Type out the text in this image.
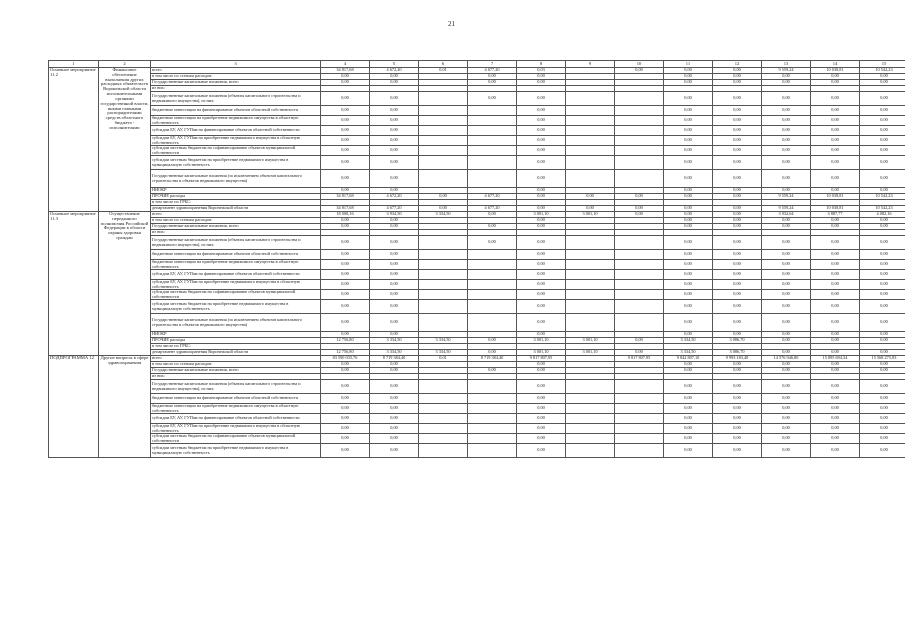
21
1	2	3	4	5	6	7	8	9	10	11	12	13	14	15
Основное мероприятие 11.2	Финансовое обеспечение выполнения других расходных обязательств Воронежской области исполнительными органами государственной власти, иными главными распорядителями средств областного бюджета - исполнителями	всего	34 817,68	4 672,20	0,01	4 677,20	0,03		0,00	0,00	0,00	9 559,24	10 038,81	10 542,23
		в том числе по статьям расходов:	0,00	0,00		0,00	0,00			0,00	0,00	0,00	0,00	0,00
		Государственные капитальные вложения, всего	0,00	0,00		0,00	0,00			0,00	0,00	0,00	0,00	0,00
		из них:												
		Государственные капитальные вложения (объекты капитального строительства и недвижимого имущества), из них:	0,00	0,00		0,00	0,00			0,00	0,00	0,00	0,00	0,00
		бюджетные инвестиции на финансирование объектов областной собственности	0,00	0,00			0,00			0,00	0,00	0,00	0,00	0,00
		бюджетные инвестиции на приобретение недвижимого имущества в областную собственность	0,00	0,00			0,00			0,00	0,00	0,00	0,00	0,00
		субсидии БУ, АУ, ГУПам на финансирование объектов областной собственности	0,00	0,00			0,00			0,00	0,00	0,00	0,00	0,00
		субсидии БУ, АУ, ГУПам на приобретение недвижимого имущества в областную собственность	0,00	0,00			0,00			0,00	0,00	0,00	0,00	0,00
		субсидии местным бюджетам на софинансирование объектов муниципальной собственности	0,00	0,00			0,00			0,00	0,00	0,00	0,00	0,00
		субсидии местным бюджетам на приобретение недвижимого имущества в муниципальную собственность	0,00	0,00			0,00			0,00	0,00	0,00	0,00	0,00
		Государственные капитальные вложения (за исключением объектов капитального строительства и объектов недвижимого имущества)	0,00	0,00			0,00			0,00	0,00	0,00	0,00	0,00
		НИОКР	0,00	0,00			0,00			0,00	0,00	0,00	0,00	0,00
		ПРОЧИЕ расходы	34 817,68	4 672,20	0,00	4 677,20	0,00	0,00	0,00	0,00	0,00	9 559,24	10 038,81	10 542,23
		в том числе по ГРБС:												
		департамент здравоохранения Воронежской области	34 817,68	4 677,20	0,00	4 677,20	0,00	0,00	0,00	0,00	0,00	9 559,24	10 038,81	10 542,23
Основное мероприятие 11.3	Осуществление переданного полномочия Российской Федерации в области охраны здоровья граждан	всего	18 008,16	3 934,50	3 334,50	0,00	3 001,10	3 001,10	0,00	0,00	0,00	3 932,64	3 887,77	4 082,16
		в том числе по статьям расходов:	0,00	0,00			0,00			0,00	0,00	0,00	0,00	0,00
		Государственные капитальные вложения, всего	0,00	0,00		0,00	0,00			0,00	0,00	0,00	0,00	0,00
		из них:												
		Государственные капитальные вложения (объекты капитального строительства и недвижимого имущества), из них:	0,00	0,00		0,00	0,00			0,00	0,00	0,00	0,00	0,00
		бюджетные инвестиции на финансирование объектов областной собственности	0,00	0,00			0,00			0,00	0,00	0,00	0,00	0,00
		бюджетные инвестиции на приобретение недвижимого имущества в областную собственность	0,00	0,00			0,00			0,00	0,00	0,00	0,00	0,00
		субсидии БУ, АУ, ГУПам на финансирование объектов областной собственности	0,00	0,00			0,00			0,00	0,00	0,00	0,00	0,00
		субсидии БУ, АУ, ГУПам на приобретение недвижимого имущества в областную собственность	0,00	0,00			0,00			0,00	0,00	0,00	0,00	0,00
		субсидии местным бюджетам на софинансирование объектов муниципальной собственности	0,00	0,00			0,00			0,00	0,00	0,00	0,00	0,00
		субсидии местным бюджетам на приобретение недвижимого имущества в муниципальную собственность	0,00	0,00			0,00			0,00	0,00	0,00	0,00	0,00
		Государственные капитальные вложения (за исключением объектов капитального строительства и объектов недвижимого имущества)	0,00	0,00			0,00			0,00	0,00	0,00	0,00	0,00
		НИОКР	0,00	0,00			0,00			0,00	0,00	0,00	0,00	0,00
		ПРОЧИЕ расходы	12 756,80	3 334,50	3 334,50	0,00	3 001,10	3 001,10	0,00	3 334,50	3 086,70	0,00	0,00	0,00
		в том числе по ГРБС:												
		департамент здравоохранения Воронежской области	12 756,80	3 334,50	3 334,50	0,00	3 001,10	3 001,10	0,00	3 334,50	3 086,70	0,00	0,00	0,00
ПОДПРОГРАММА 12	Другие вопросы в сфере здравоохранения	всего	83 590 035,76	8 719 384,40	0,01	8 719 384,40	9 817 807,95		9 817 807,95	9 842 807,10	9 993 183,40	14 576 946,80	15 895 694,34	15 568 275,83
		в том числе по статьям расходов:	0,00	0,00			0,00			0,00	0,00	0,00	0,00	0,00
		Государственные капитальные вложения, всего	0,00	0,00		0,00	0,00			0,00	0,00	0,00	0,00	0,00
		из них:												
		Государственные капитальные вложения (объекты капитального строительства и недвижимого имущества), из них:	0,00	0,00			0,00			0,00	0,00	0,00	0,00	0,00
		бюджетные инвестиции на финансирование объектов областной собственности	0,00	0,00			0,00			0,00	0,00	0,00	0,00	0,00
		бюджетные инвестиции на приобретение недвижимого имущества в областную собственность	0,00	0,00			0,00			0,00	0,00	0,00	0,00	0,00
		субсидии БУ, АУ, ГУПам на финансирование объектов областной собственности	0,00	0,00			0,00			0,00	0,00	0,00	0,00	0,00
		субсидии БУ, АУ, ГУПам на приобретение недвижимого имущества в областную собственность	0,00	0,00			0,00			0,00	0,00	0,00	0,00	0,00
		субсидии местным бюджетам на софинансирование объектов муниципальной собственности	0,00	0,00			0,00			0,00	0,00	0,00	0,00	0,00
		субсидии местным бюджетам на приобретение недвижимого имущества в муниципальную собственность	0,00	0,00			0,00			0,00	0,00	0,00	0,00	0,00
